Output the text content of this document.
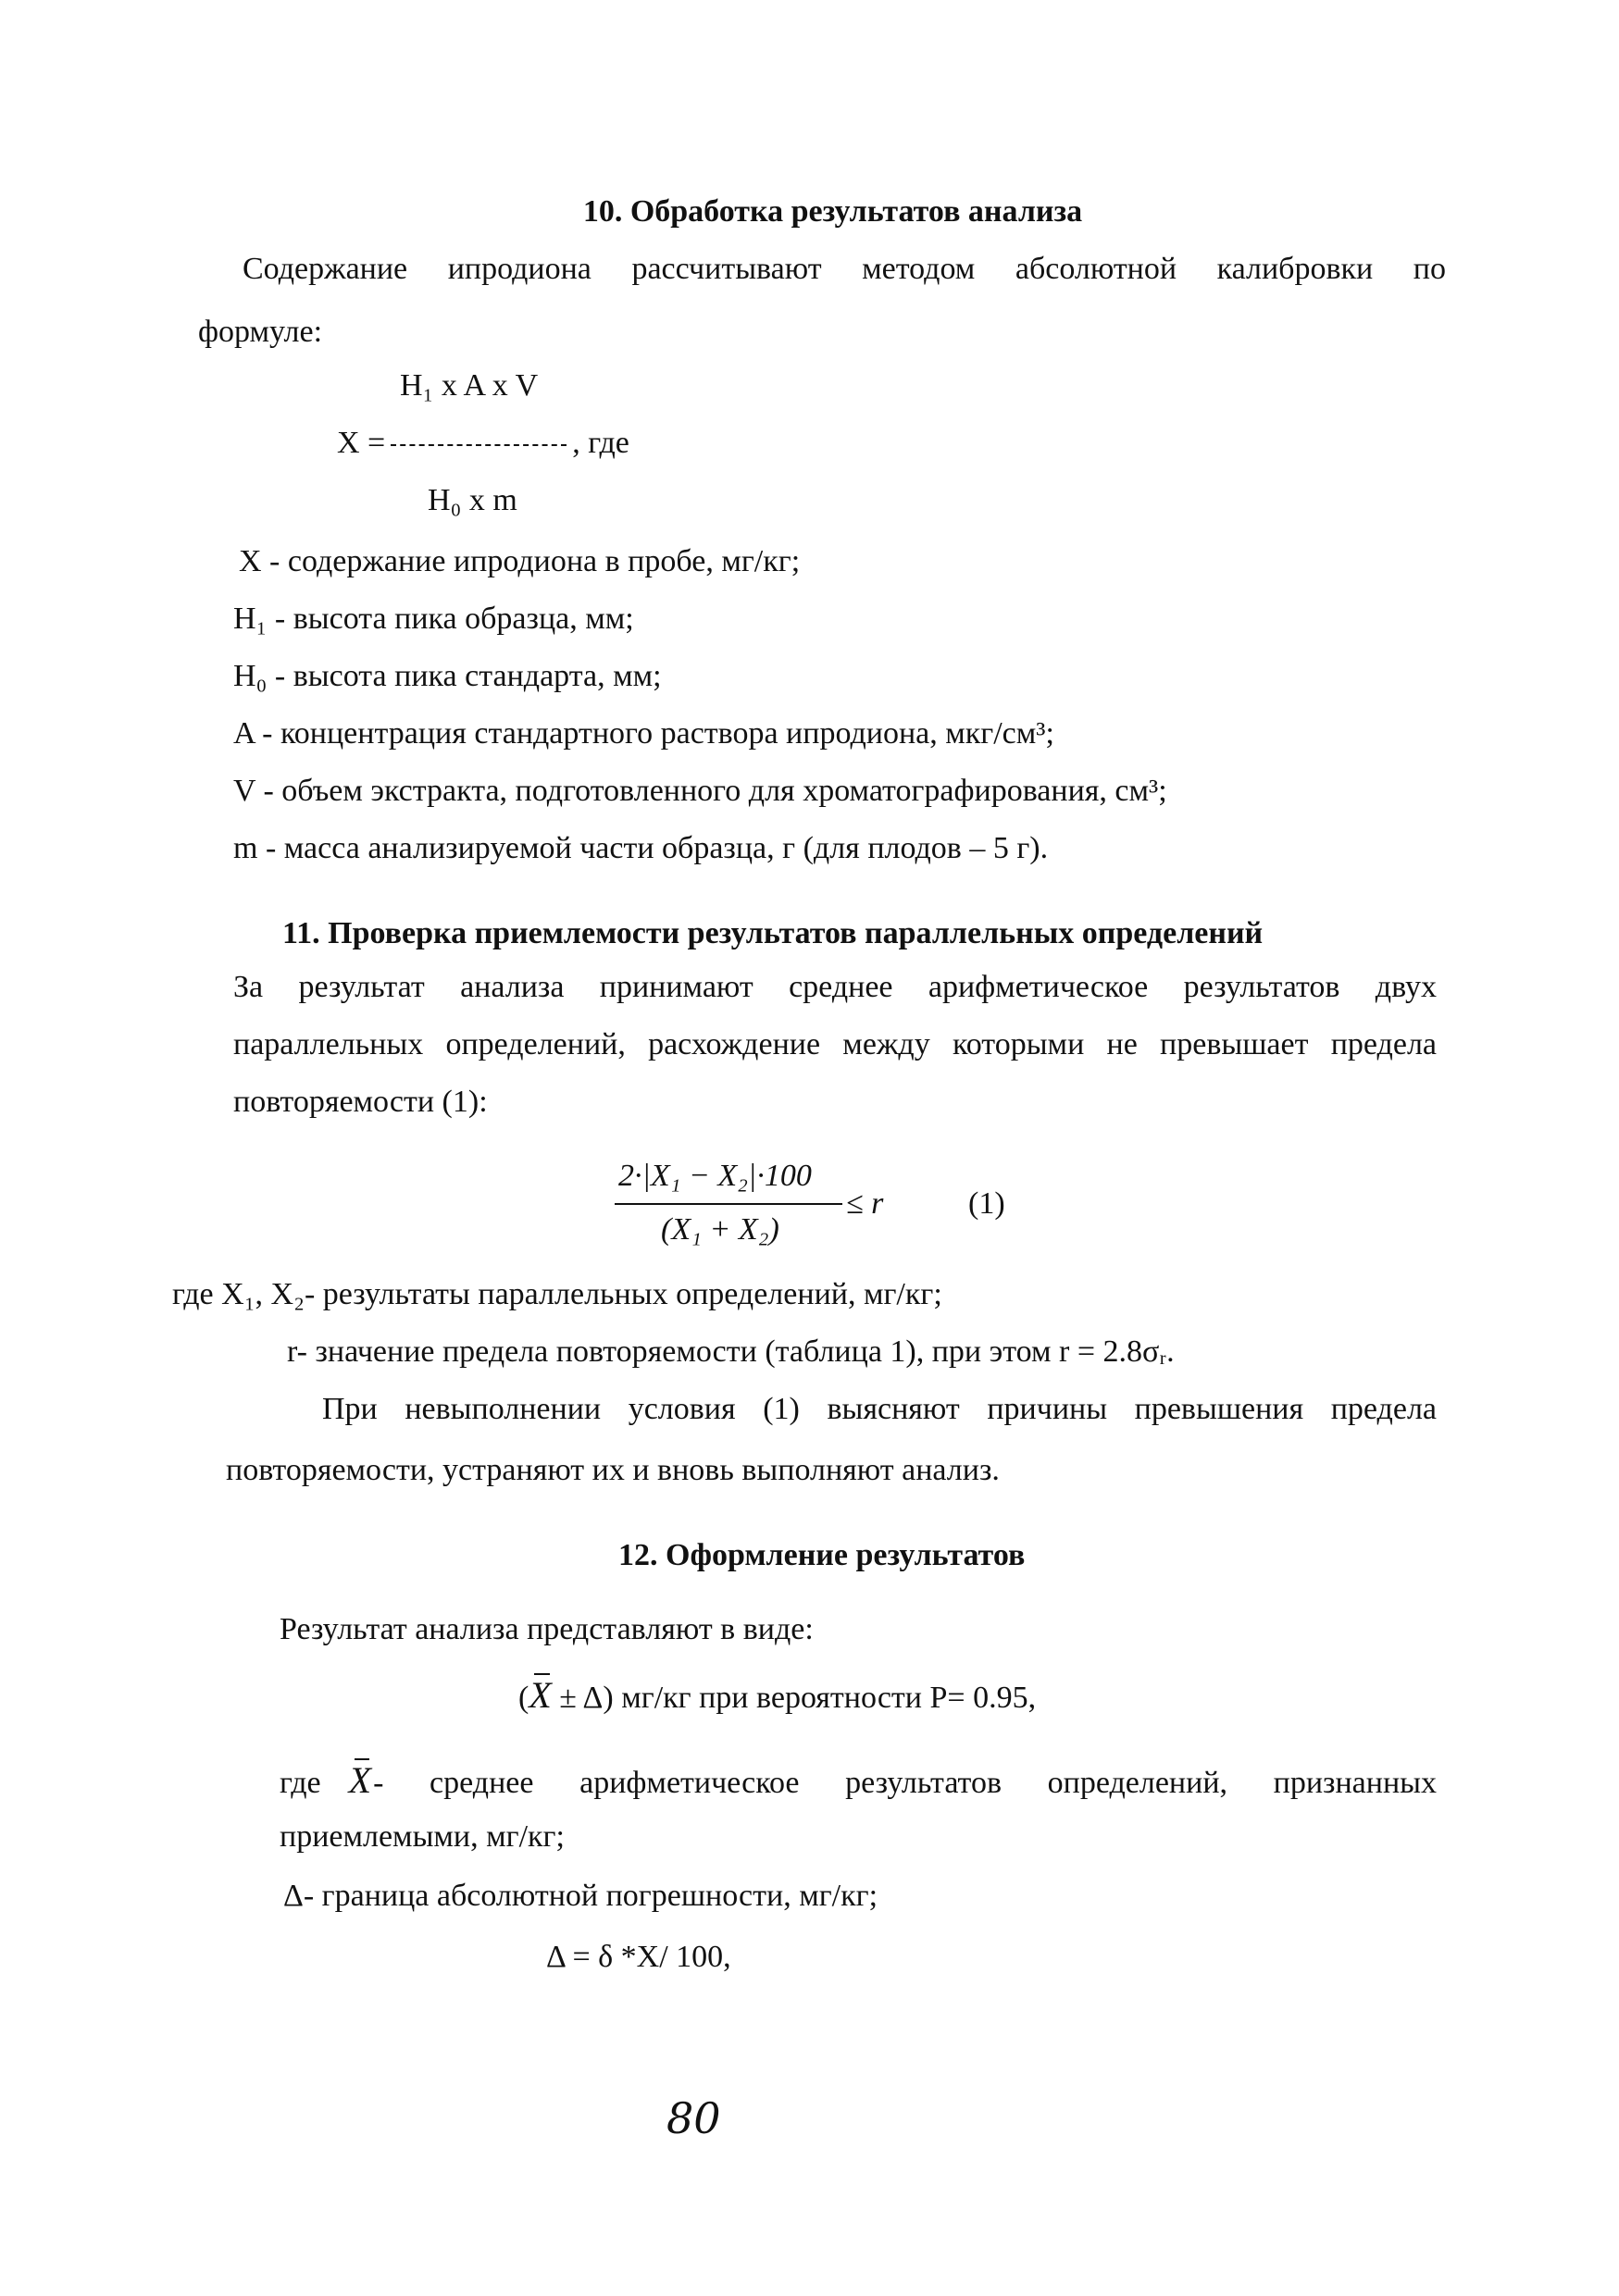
10. Обработка результатов анализа
Содержание ипродиона рассчитывают методом абсолютной калибровки по
формуле:
H₁ x A x V
X =	, где
H₀ x m
X - содержание ипродиона в пробе, мг/кг;
H₁ - высота пика образца, мм;
H₀ - высота пика стандарта, мм;
A - концентрация стандартного раствора ипродиона, мкг/см³;
V - объем экстракта, подготовленного для хроматографирования, см³;
m - масса анализируемой части образца, г (для плодов – 5 г).
11. Проверка приемлемости результатов параллельных определений
За результат анализа принимают среднее арифметическое результатов двух
параллельных определений, расхождение между которыми не превышает предела
повторяемости (1):
2·|X₁ − X₂|·100
(X₁ + X₂)
≤ r	(1)
где X₁, X₂- результаты параллельных определений, мг/кг;
r- значение предела повторяемости (таблица 1), при этом r = 2.8σᵣ.
При невыполнении условия (1) выясняют причины превышения предела
повторяемости, устраняют их и вновь выполняют анализ.
12. Оформление результатов
Результат анализа представляют в виде:
(X ± Δ) мг/кг при вероятности P= 0.95,
где X - среднее арифметическое результатов определений, признанных
приемлемыми, мг/кг;
Δ- граница абсолютной погрешности, мг/кг;
Δ = δ *X/ 100,
80
